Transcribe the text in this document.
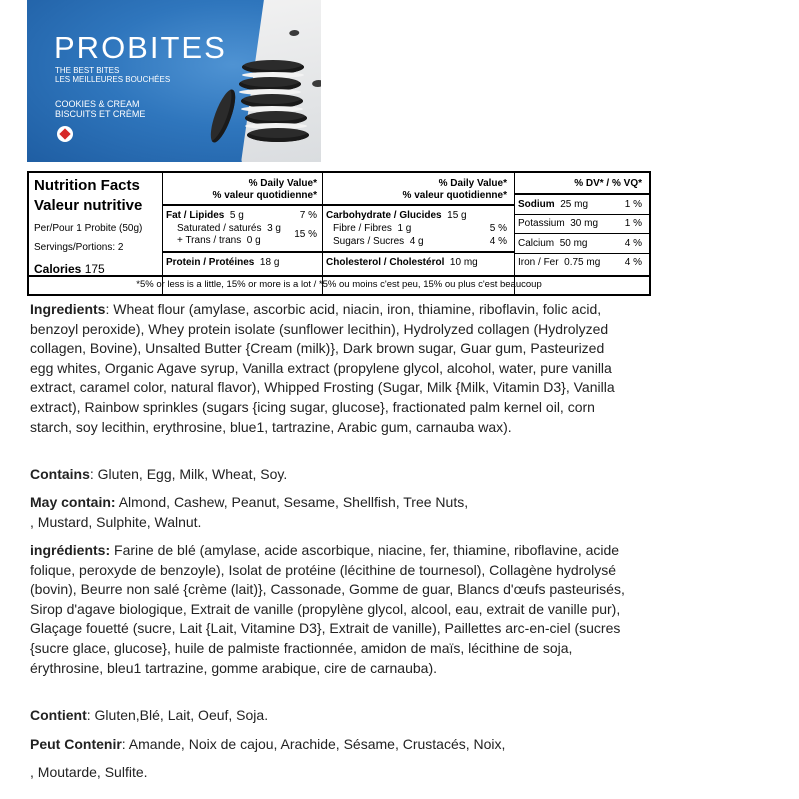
PROBITES
THE BEST BITES
LES MEILLEURES BOUCHÉES
COOKIES & CREAM
BISCUITS ET CRÈME
Nutrition Facts
Valeur nutritive
Per/Pour 1 Probite (50g)
Servings/Portions: 2
Calories 175
% Daily Value*
% valeur quotidienne*
Fat / Lipides 5 g	7 %
Saturated / saturés 3 g
+ Trans / trans 0 g
15 %
Protein / Protéines 18 g
% Daily Value*
% valeur quotidienne*
Carbohydrate / Glucides 15 g
Fibre / Fibres 1 g	5 %
Sugars / Sucres 4 g	4 %
Cholesterol / Cholestérol 10 mg
% DV* / % VQ*
Sodium 25 mg	1 %
Potassium 30 mg	1 %
Calcium 50 mg	4 %
Iron / Fer 0.75 mg 4 %
*5% or less is a little, 15% or more is a lot / *5% ou moins c'est peu, 15% ou plus c'est beaucoup
Ingredients: Wheat flour (amylase, ascorbic acid, niacin, iron, thiamine, riboflavin, folic acid, benzoyl peroxide), Whey protein isolate (sunflower lecithin), Hydrolyzed collagen (Hydrolyzed collagen, Bovine), Unsalted Butter {Cream (milk)}, Dark brown sugar, Guar gum, Pasteurized egg whites, Organic Agave syrup, Vanilla extract (propylene glycol, alcohol, water, pure vanilla extract, caramel color, natural flavor), Whipped Frosting (Sugar, Milk {Milk, Vitamin D3}, Vanilla extract), Rainbow sprinkles (sugars {icing sugar, glucose}, fractionated palm kernel oil, corn starch, soy lecithin, erythrosine, blue1, tartrazine, Arabic gum, carnauba wax).
Contains: Gluten, Egg, Milk, Wheat, Soy.
May contain: Almond, Cashew, Peanut, Sesame, Shellfish, Tree Nuts,
, Mustard, Sulphite, Walnut.
ingrédients: Farine de blé (amylase, acide ascorbique, niacine, fer, thiamine, riboflavine, acide folique, peroxyde de benzoyle), Isolat de protéine (lécithine de tournesol), Collagène hydrolysé (bovin), Beurre non salé {crème (lait)}, Cassonade, Gomme de guar, Blancs d'œufs pasteurisés, Sirop d'agave biologique, Extrait de vanille (propylène glycol, alcool, eau, extrait de vanille pur), Glaçage fouetté (sucre, Lait {Lait, Vitamine D3}, Extrait de vanille), Paillettes arc-en-ciel (sucres {sucre glace, glucose}, huile de palmiste fractionnée, amidon de maïs, lécithine de soja, érythrosine, bleu1 tartrazine, gomme arabique, cire de carnauba).
Contient: Gluten,Blé, Lait, Oeuf, Soja.
Peut Contenir: Amande, Noix de cajou, Arachide, Sésame, Crustacés, Noix,
, Moutarde, Sulfite.
